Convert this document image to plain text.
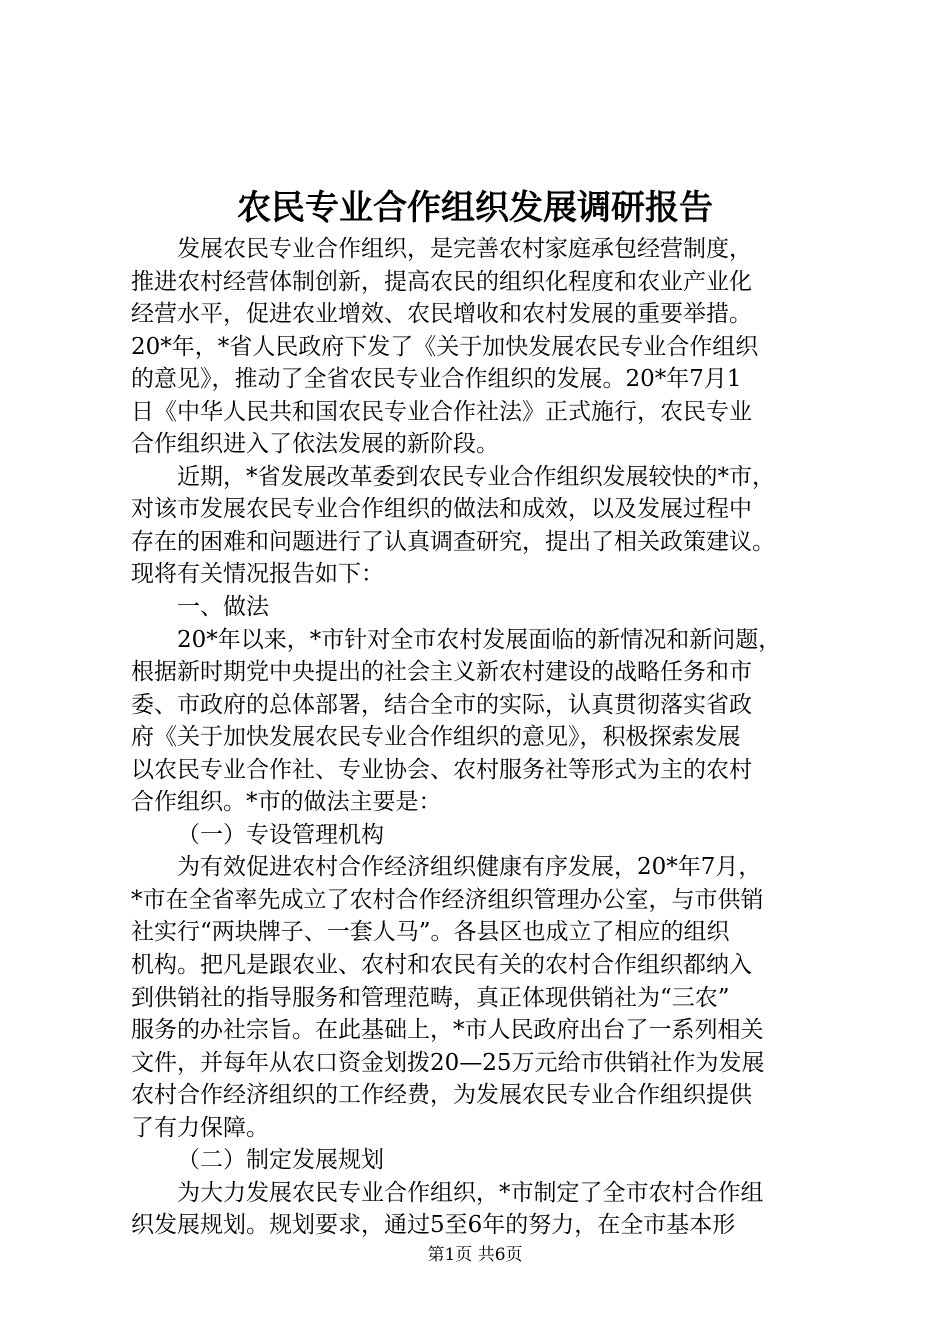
农民专业合作组织发展调研报告
发展农民专业合作组织，是完善农村家庭承包经营制度，
推进农村经营体制创新，提高农民的组织化程度和农业产业化
经营水平，促进农业增效、农民增收和农村发展的重要举措。
20*年，*省人民政府下发了《关于加快发展农民专业合作组织
的意见》，推动了全省农民专业合作组织的发展。20*年7月1
日《中华人民共和国农民专业合作社法》正式施行，农民专业
合作组织进入了依法发展的新阶段。
近期，*省发展改革委到农民专业合作组织发展较快的*市，
对该市发展农民专业合作组织的做法和成效，以及发展过程中
存在的困难和问题进行了认真调查研究，提出了相关政策建议。
现将有关情况报告如下：
一、做法
20*年以来，*市针对全市农村发展面临的新情况和新问题，
根据新时期党中央提出的社会主义新农村建设的战略任务和市
委、市政府的总体部署，结合全市的实际，认真贯彻落实省政
府《关于加快发展农民专业合作组织的意见》，积极探索发展
以农民专业合作社、专业协会、农村服务社等形式为主的农村
合作组织。*市的做法主要是：
（一）专设管理机构
为有效促进农村合作经济组织健康有序发展，20*年7月，
*市在全省率先成立了农村合作经济组织管理办公室，与市供销
社实行“两块牌子、一套人马”。各县区也成立了相应的组织
机构。把凡是跟农业、农村和农民有关的农村合作组织都纳入
到供销社的指导服务和管理范畴，真正体现供销社为“三农”
服务的办社宗旨。在此基础上，*市人民政府出台了一系列相关
文件，并每年从农口资金划拨20—25万元给市供销社作为发展
农村合作经济组织的工作经费，为发展农民专业合作组织提供
了有力保障。
（二）制定发展规划
为大力发展农民专业合作组织，*市制定了全市农村合作组
织发展规划。规划要求，通过5至6年的努力，在全市基本形
第1页 共6页
